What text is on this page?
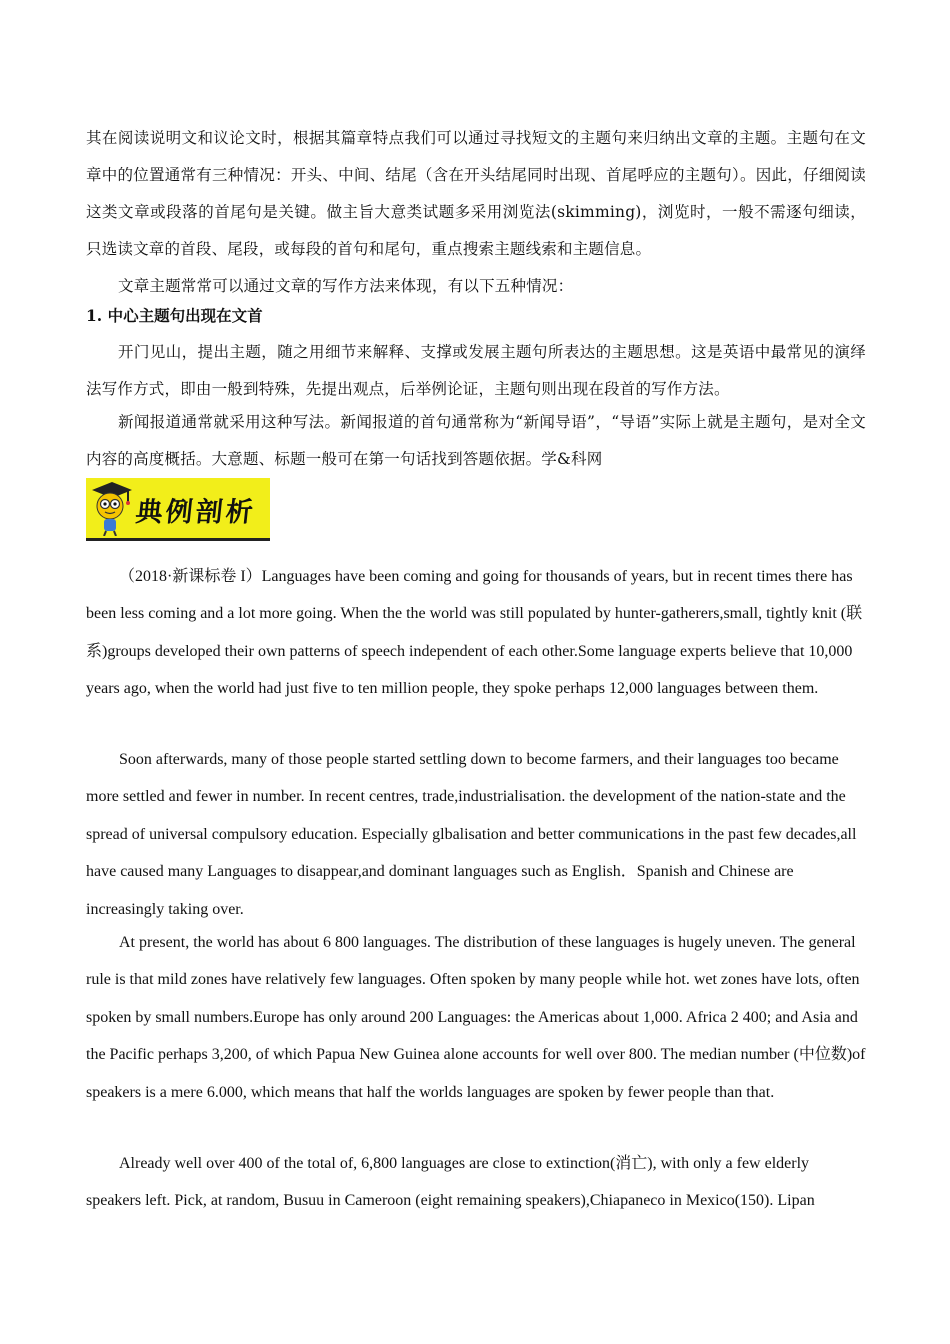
其在阅读说明文和议论文时，根据其篇章特点我们可以通过寻找短文的主题句来归纳出文章的主题。主题句在文章中的位置通常有三种情况：开头、中间、结尾（含在开头结尾同时出现、首尾呼应的主题句）。因此，仔细阅读这类文章或段落的首尾句是关键。做主旨大意类试题多采用浏览法(skimming)，浏览时，一般不需逐句细读，只选读文章的首段、尾段，或每段的首句和尾句，重点搜索主题线索和主题信息。

文章主题常常可以通过文章的写作方法来体现，有以下五种情况：

1. 中心主题句出现在文首

开门见山，提出主题，随之用细节来解释、支撑或发展主题句所表达的主题思想。这是英语中最常见的演绎法写作方式，即由一般到特殊，先提出观点，后举例论证，主题句则出现在段首的写作方法。

新闻报道通常就采用这种写法。新闻报道的首句通常称为“新闻导语”，“导语”实际上就是主题句，是对全文内容的高度概括。大意题、标题一般可在第一句话找到答题依据。学&科网

典例剖析

（2018·新课标卷 I）Languages have been coming and going for thousands of years, but in recent times there has been less coming and a lot more going. When the the world was still populated by hunter-gatherers,small, tightly knit (联系)groups developed their own patterns of speech independent of each other.Some language experts believe that 10,000 years ago, when the world had just five to ten million people, they spoke perhaps 12,000 languages between them.

Soon afterwards, many of those people started settling down to become farmers, and their languages too became more settled and fewer in number. In recent centres, trade,industrialisation. the development of the nation-state and the spread of universal compulsory education. Especially glbalisation and better communications in the past few decades,all have caused many Languages to disappear,and dominant languages such as English．Spanish and Chinese are increasingly taking over.

At present, the world has about 6 800 languages. The distribution of these languages is hugely uneven. The general rule is that mild zones have relatively few languages. Often spoken by many people while hot. wet zones have lots, often spoken by small numbers.Europe has only around 200 Languages: the Americas about 1,000. Africa 2 400; and Asia and the Pacific perhaps 3,200, of which Papua New Guinea alone accounts for well over 800. The median number (中位数)of speakers is a mere 6.000, which means that half the worlds languages are spoken by fewer people than that.

Already well over 400 of the total of, 6,800 languages are close to extinction(消亡), with only a few elderly speakers left. Pick, at random, Busuu in Cameroon (eight remaining speakers),Chiapaneco in Mexico(150). Lipan
